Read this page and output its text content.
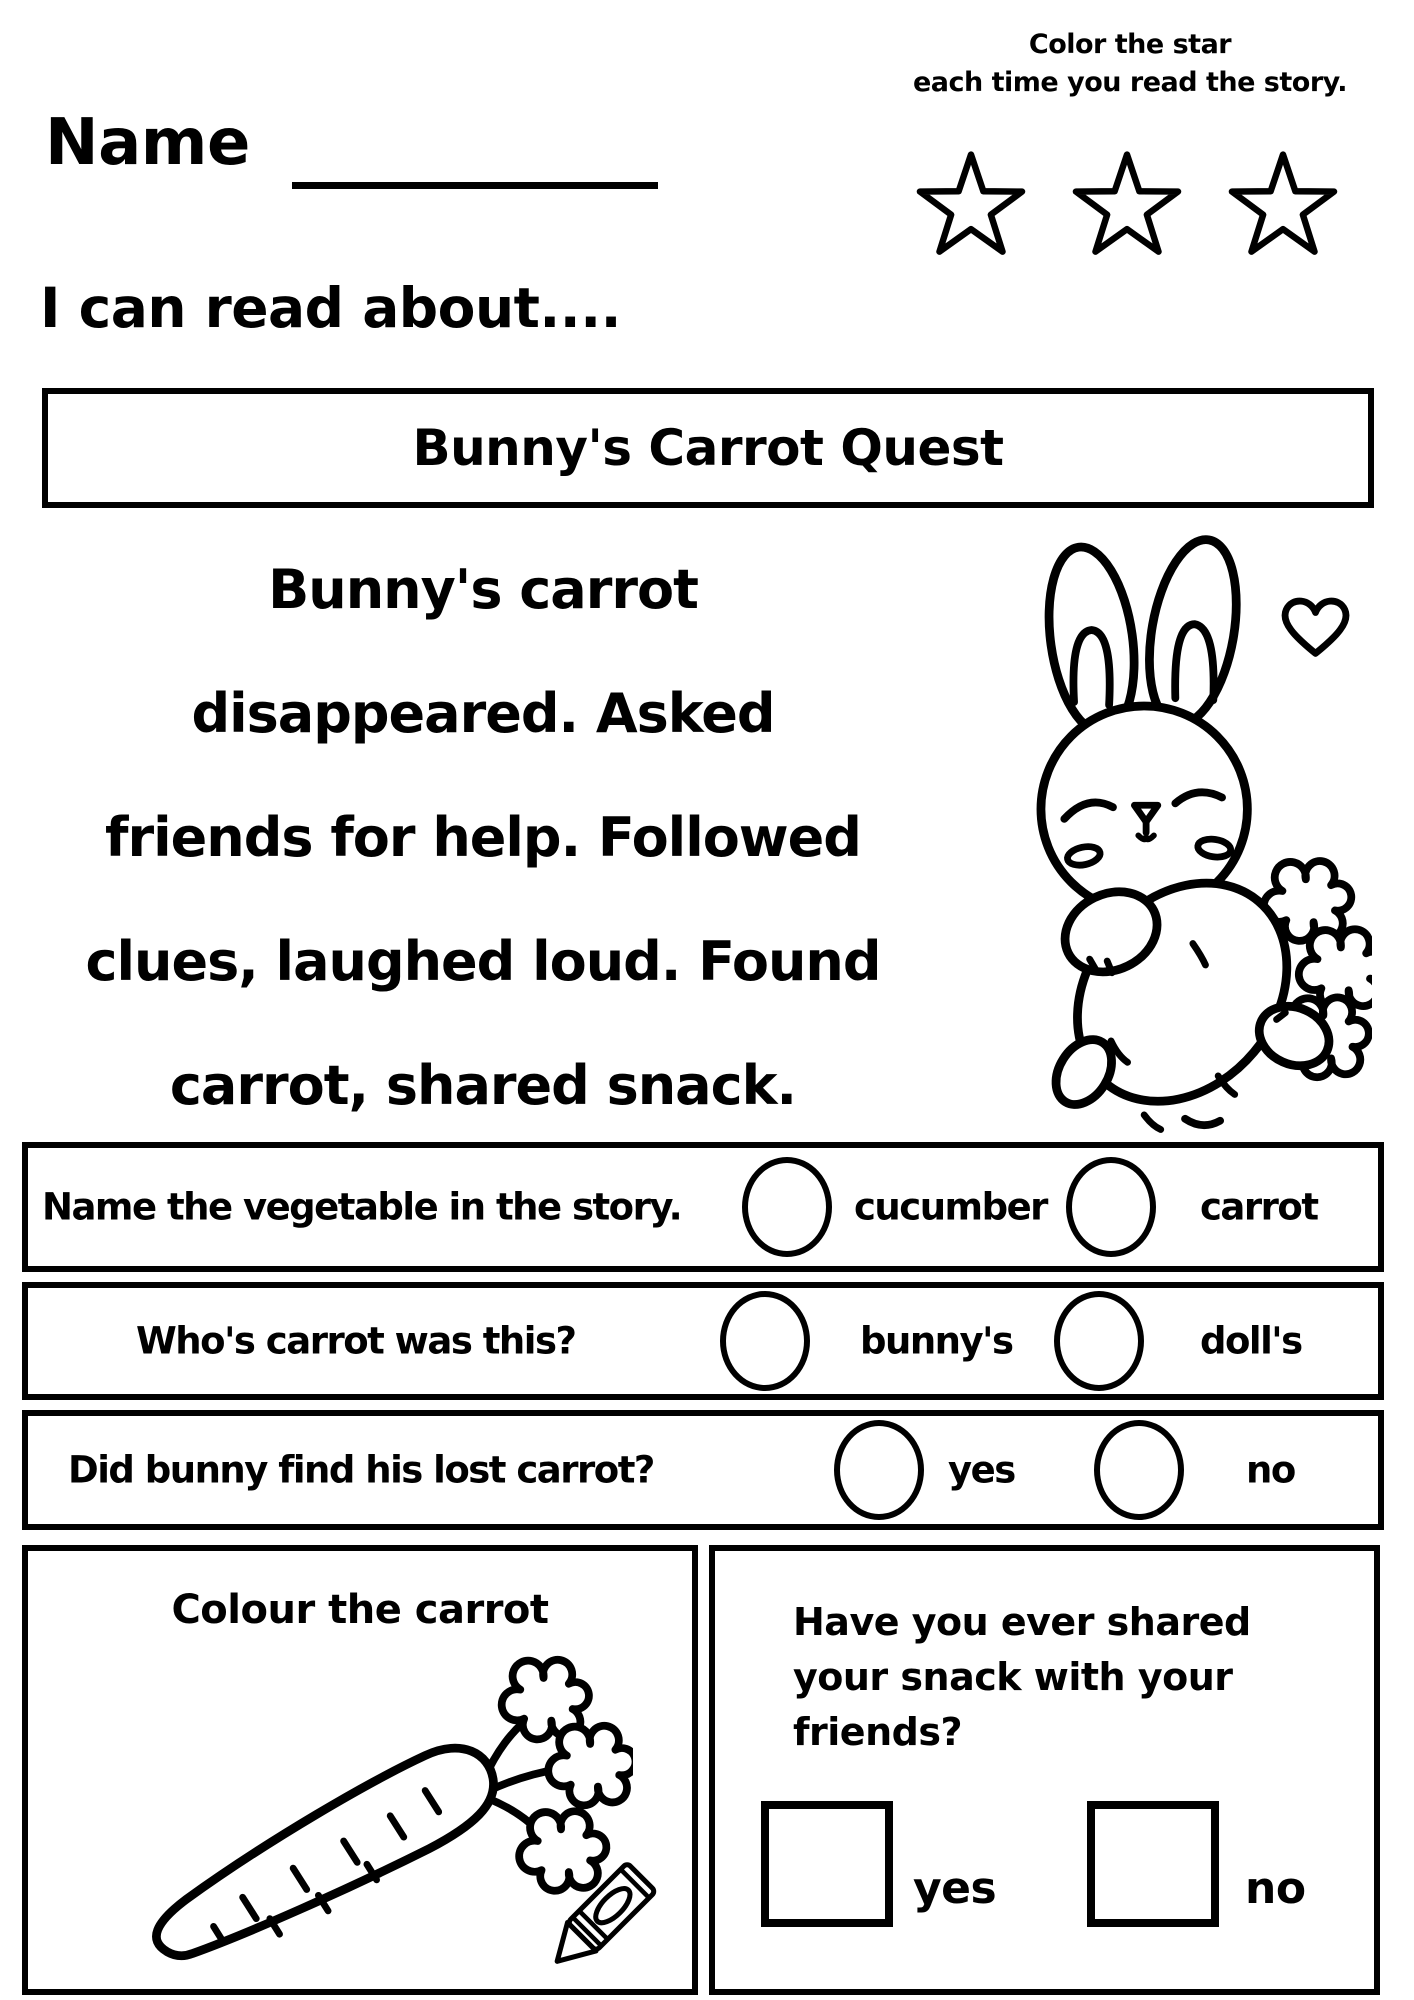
Name
Color the star
each time you read the story.
I can read about....
Bunny's Carrot Quest
Bunny's carrot
disappeared. Asked
friends for help. Followed
clues, laughed loud. Found
carrot, shared snack.
Name the vegetable in the story.	cucumber	carrot
Who's carrot was this?	bunny's	doll's
Did bunny find his lost carrot?	yes	no
Colour the carrot	Have you ever shared
your snack with your
friends?
yes	no
